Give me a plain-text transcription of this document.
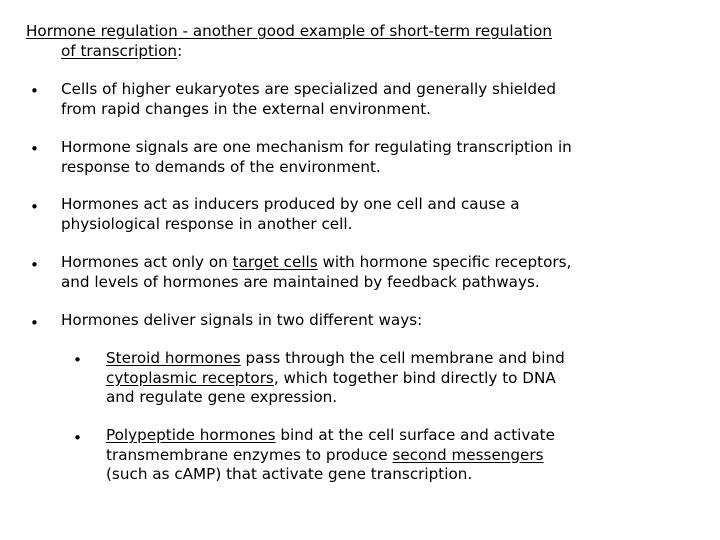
Hormone regulation - another good example of short-term regulation
of transcription:
• Cells of higher eukaryotes are specialized and generally shielded
from rapid changes in the external environment.
• Hormone signals are one mechanism for regulating transcription in
response to demands of the environment.
• Hormones act as inducers produced by one cell and cause a
physiological response in another cell.
• Hormones act only on target cells with hormone specific receptors,
and levels of hormones are maintained by feedback pathways.
• Hormones deliver signals in two different ways:
• Steroid hormones pass through the cell membrane and bind
cytoplasmic receptors, which together bind directly to DNA
and regulate gene expression.
• Polypeptide hormones bind at the cell surface and activate
transmembrane enzymes to produce second messengers
(such as cAMP) that activate gene transcription.
